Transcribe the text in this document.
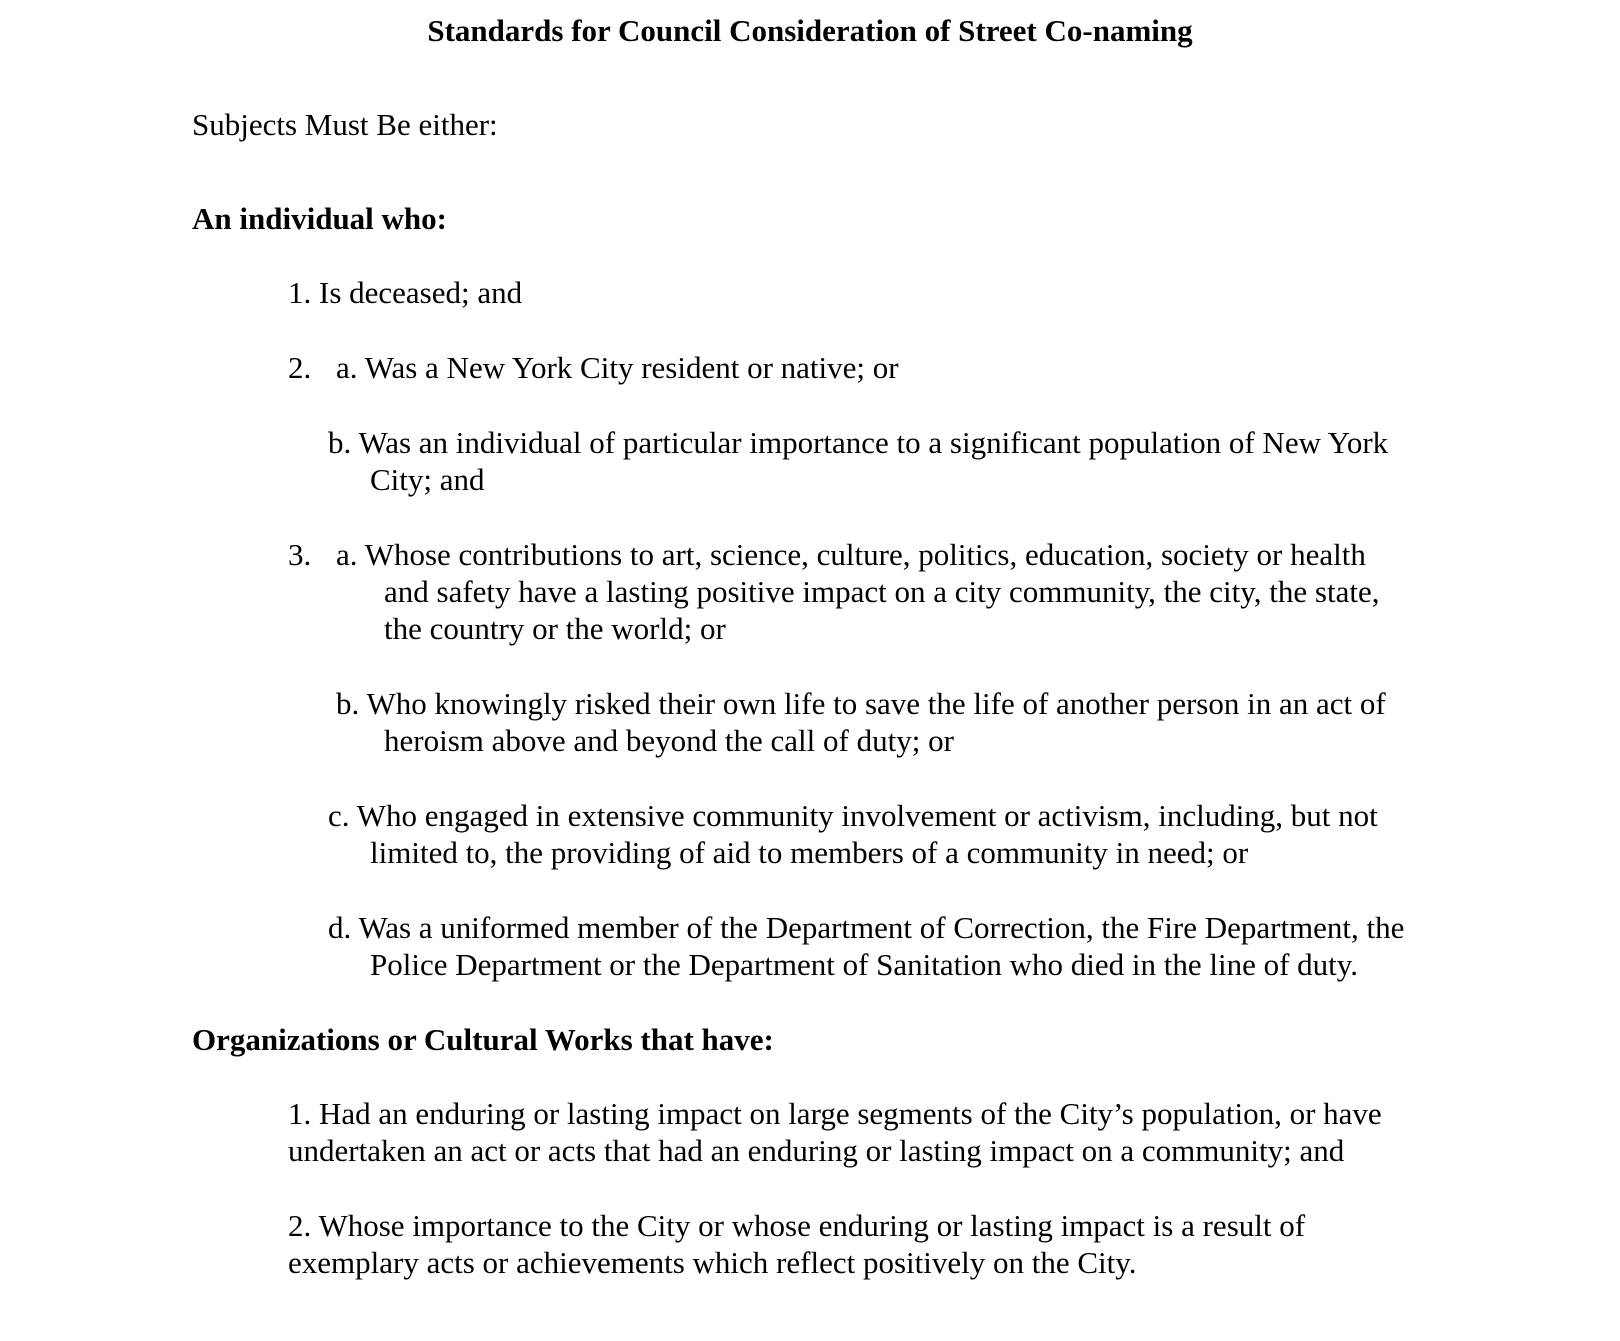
Standards for Council Consideration of Street Co-naming
Subjects Must Be either:
An individual who:
1. Is deceased; and
2. a. Was a New York City resident or native; or
b. Was an individual of particular importance to a significant population of New York
City; and
3. a. Whose contributions to art, science, culture, politics, education, society or health
and safety have a lasting positive impact on a city community, the city, the state,
the country or the world; or
b. Who knowingly risked their own life to save the life of another person in an act of
heroism above and beyond the call of duty; or
c. Who engaged in extensive community involvement or activism, including, but not
limited to, the providing of aid to members of a community in need; or
d. Was a uniformed member of the Department of Correction, the Fire Department, the
Police Department or the Department of Sanitation who died in the line of duty.
Organizations or Cultural Works that have:
1. Had an enduring or lasting impact on large segments of the City’s population, or have
undertaken an act or acts that had an enduring or lasting impact on a community; and
2. Whose importance to the City or whose enduring or lasting impact is a result of
exemplary acts or achievements which reflect positively on the City.
